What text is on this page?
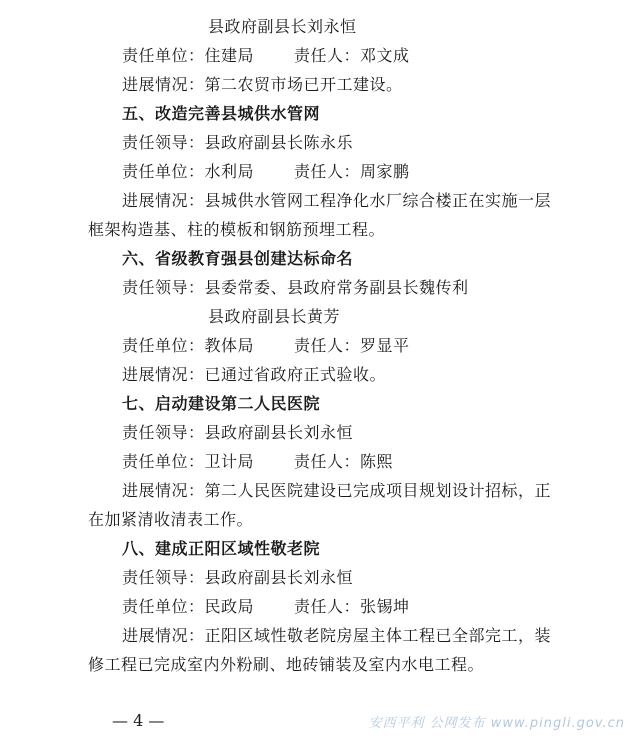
县政府副县长刘永恒
责任单位：住建局	责任人：邓文成
进展情况：第二农贸市场已开工建设。
五、改造完善县城供水管网
责任领导：县政府副县长陈永乐
责任单位：水利局	责任人：周家鹏
进展情况：县城供水管网工程净化水厂综合楼正在实施一层
框架构造基、柱的模板和钢筋预埋工程。
六、省级教育强县创建达标命名
责任领导：县委常委、县政府常务副县长魏传利
县政府副县长黄芳
责任单位：教体局	责任人：罗显平
进展情况：已通过省政府正式验收。
七、启动建设第二人民医院
责任领导：县政府副县长刘永恒
责任单位：卫计局	责任人：陈熙
进展情况：第二人民医院建设已完成项目规划设计招标，正
在加紧清收清表工作。
八、建成正阳区域性敬老院
责任领导：县政府副县长刘永恒
责任单位：民政局	责任人：张锡坤
进展情况：正阳区域性敬老院房屋主体工程已全部完工，装
修工程已完成室内外粉刷、地砖铺装及室内水电工程。
— 4 —	安西平利 公网发布 www.pingli.gov.cn
